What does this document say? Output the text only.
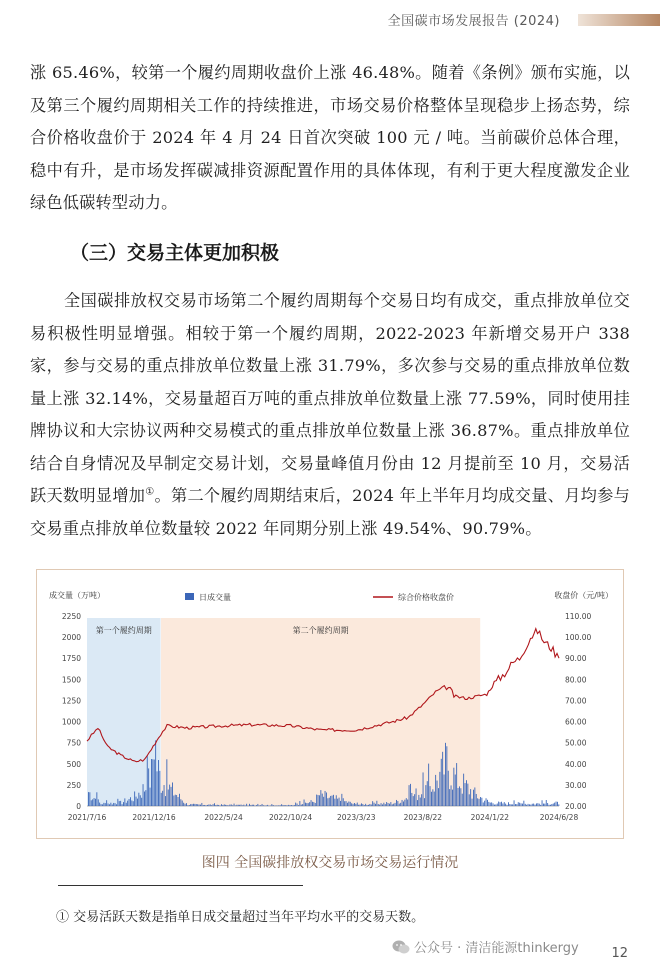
全国碳市场发展报告 (2024)
涨 65.46%，较第一个履约周期收盘价上涨 46.48%。随着《条例》颁布实施，以及第三个履约周期相关工作的持续推进，市场交易价格整体呈现稳步上扬态势，综合价格收盘价于 2024 年 4 月 24 日首次突破 100 元 / 吨。当前碳价总体合理，稳中有升，是市场发挥碳减排资源配置作用的具体体现，有利于更大程度激发企业绿色低碳转型动力。
（三）交易主体更加积极
全国碳排放权交易市场第二个履约周期每个交易日均有成交，重点排放单位交易积极性明显增强。相较于第一个履约周期，2022-2023 年新增交易开户 338 家，参与交易的重点排放单位数量上涨 31.79%，多次参与交易的重点排放单位数量上涨 32.14%，交易量超百万吨的重点排放单位数量上涨 77.59%，同时使用挂牌协议和大宗协议两种交易模式的重点排放单位数量上涨 36.87%。重点排放单位结合自身情况及早制定交易计划，交易量峰值月份由 12 月提前至 10 月，交易活跃天数明显增加①。第二个履约周期结束后，2024 年上半年月均成交量、月均参与交易重点排放单位数量较 2022 年同期分别上涨 49.54%、90.79%。
第一个履约周期	第二个履约周期
2250
2000
1750
1500
1250
1000
750
500
250
0
110.00
100.00
90.00
80.00
70.00
60.00
50.00
40.00
30.00
20.00
成交量（万吨）	收盘价（元/吨）
日成交量	综合价格收盘价
2021/7/16	2021/12/16	2022/5/24	2022/10/24	2023/3/23	2023/8/22	2024/1/22	2024/6/28
图四 全国碳排放权交易市场交易运行情况
① 交易活跃天数是指单日成交量超过当年平均水平的交易天数。
公众号 · 清洁能源thinkergy	12
